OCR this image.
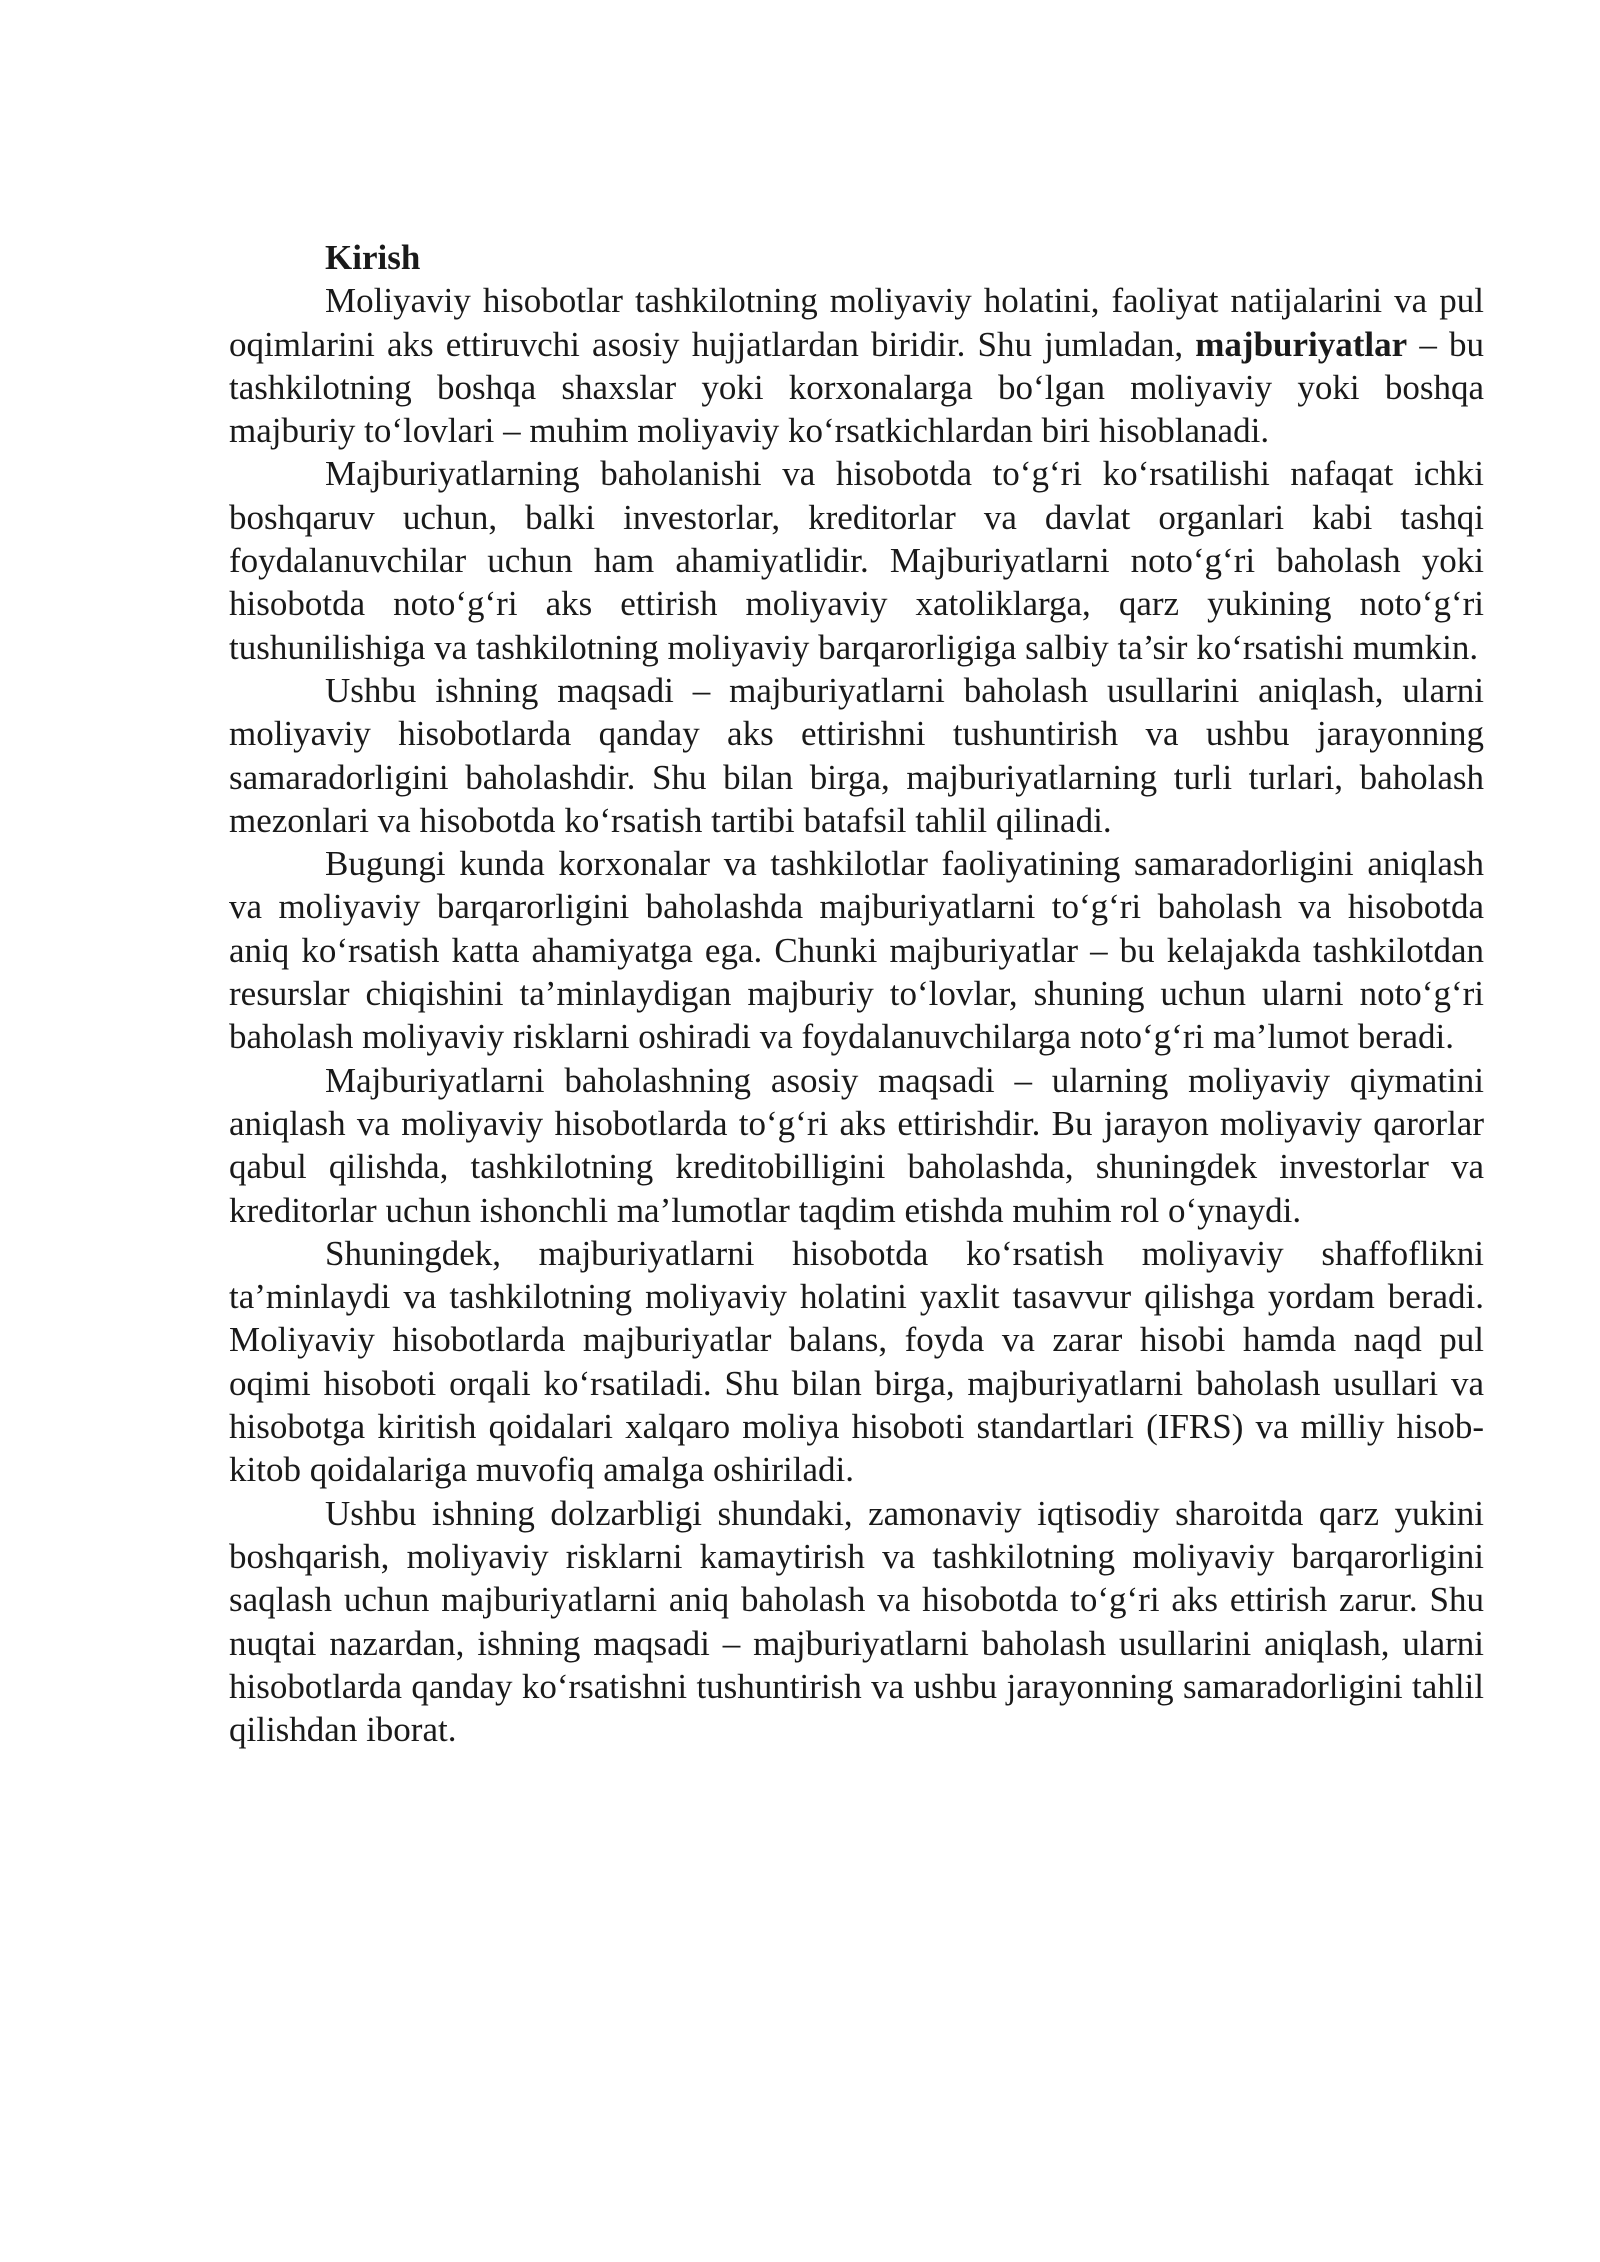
Kirish

Moliyaviy hisobotlar tashkilotning moliyaviy holatini, faoliyat natijalarini va pul oqimlarini aks ettiruvchi asosiy hujjatlardan biridir. Shu jumladan, majburiyatlar – bu tashkilotning boshqa shaxslar yoki korxonalarga bo‘lgan moliyaviy yoki boshqa majburiy to‘lovlari – muhim moliyaviy ko‘rsatkichlardan biri hisoblanadi.

Majburiyatlarning baholanishi va hisobotda to‘g‘ri ko‘rsatilishi nafaqat ichki boshqaruv uchun, balki investorlar, kreditorlar va davlat organlari kabi tashqi foydalanuvchilar uchun ham ahamiyatlidir. Majburiyatlarni noto‘g‘ri baholash yoki hisobotda noto‘g‘ri aks ettirish moliyaviy xatoliklarga, qarz yukining noto‘g‘ri tushunilishiga va tashkilotning moliyaviy barqarorligiga salbiy ta’sir ko‘rsatishi mumkin.

Ushbu ishning maqsadi – majburiyatlarni baholash usullarini aniqlash, ularni moliyaviy hisobotlarda qanday aks ettirishni tushuntirish va ushbu jarayonning samaradorligini baholashdir. Shu bilan birga, majburiyatlarning turli turlari, baholash mezonlari va hisobotda ko‘rsatish tartibi batafsil tahlil qilinadi.

Bugungi kunda korxonalar va tashkilotlar faoliyatining samaradorligini aniqlash va moliyaviy barqarorligini baholashda majburiyatlarni to‘g‘ri baholash va hisobotda aniq ko‘rsatish katta ahamiyatga ega. Chunki majburiyatlar – bu kelajakda tashkilotdan resurslar chiqishini ta’minlaydigan majburiy to‘lovlar, shuning uchun ularni noto‘g‘ri baholash moliyaviy risklarni oshiradi va foydalanuvchilarga noto‘g‘ri ma’lumot beradi.

Majburiyatlarni baholashning asosiy maqsadi – ularning moliyaviy qiymatini aniqlash va moliyaviy hisobotlarda to‘g‘ri aks ettirishdir. Bu jarayon moliyaviy qarorlar qabul qilishda, tashkilotning kreditobilligini baholashda, shuningdek investorlar va kreditorlar uchun ishonchli ma’lumotlar taqdim etishda muhim rol o‘ynaydi.

Shuningdek, majburiyatlarni hisobotda ko‘rsatish moliyaviy shaffoflikni ta’minlaydi va tashkilotning moliyaviy holatini yaxlit tasavvur qilishga yordam beradi. Moliyaviy hisobotlarda majburiyatlar balans, foyda va zarar hisobi hamda naqd pul oqimi hisoboti orqali ko‘rsatiladi. Shu bilan birga, majburiyatlarni baholash usullari va hisobotga kiritish qoidalari xalqaro moliya hisoboti standartlari (IFRS) va milliy hisob-kitob qoidalariga muvofiq amalga oshiriladi.

Ushbu ishning dolzarbligi shundaki, zamonaviy iqtisodiy sharoitda qarz yukini boshqarish, moliyaviy risklarni kamaytirish va tashkilotning moliyaviy barqarorligini saqlash uchun majburiyatlarni aniq baholash va hisobotda to‘g‘ri aks ettirish zarur. Shu nuqtai nazardan, ishning maqsadi – majburiyatlarni baholash usullarini aniqlash, ularni hisobotlarda qanday ko‘rsatishni tushuntirish va ushbu jarayonning samaradorligini tahlil qilishdan iborat.
